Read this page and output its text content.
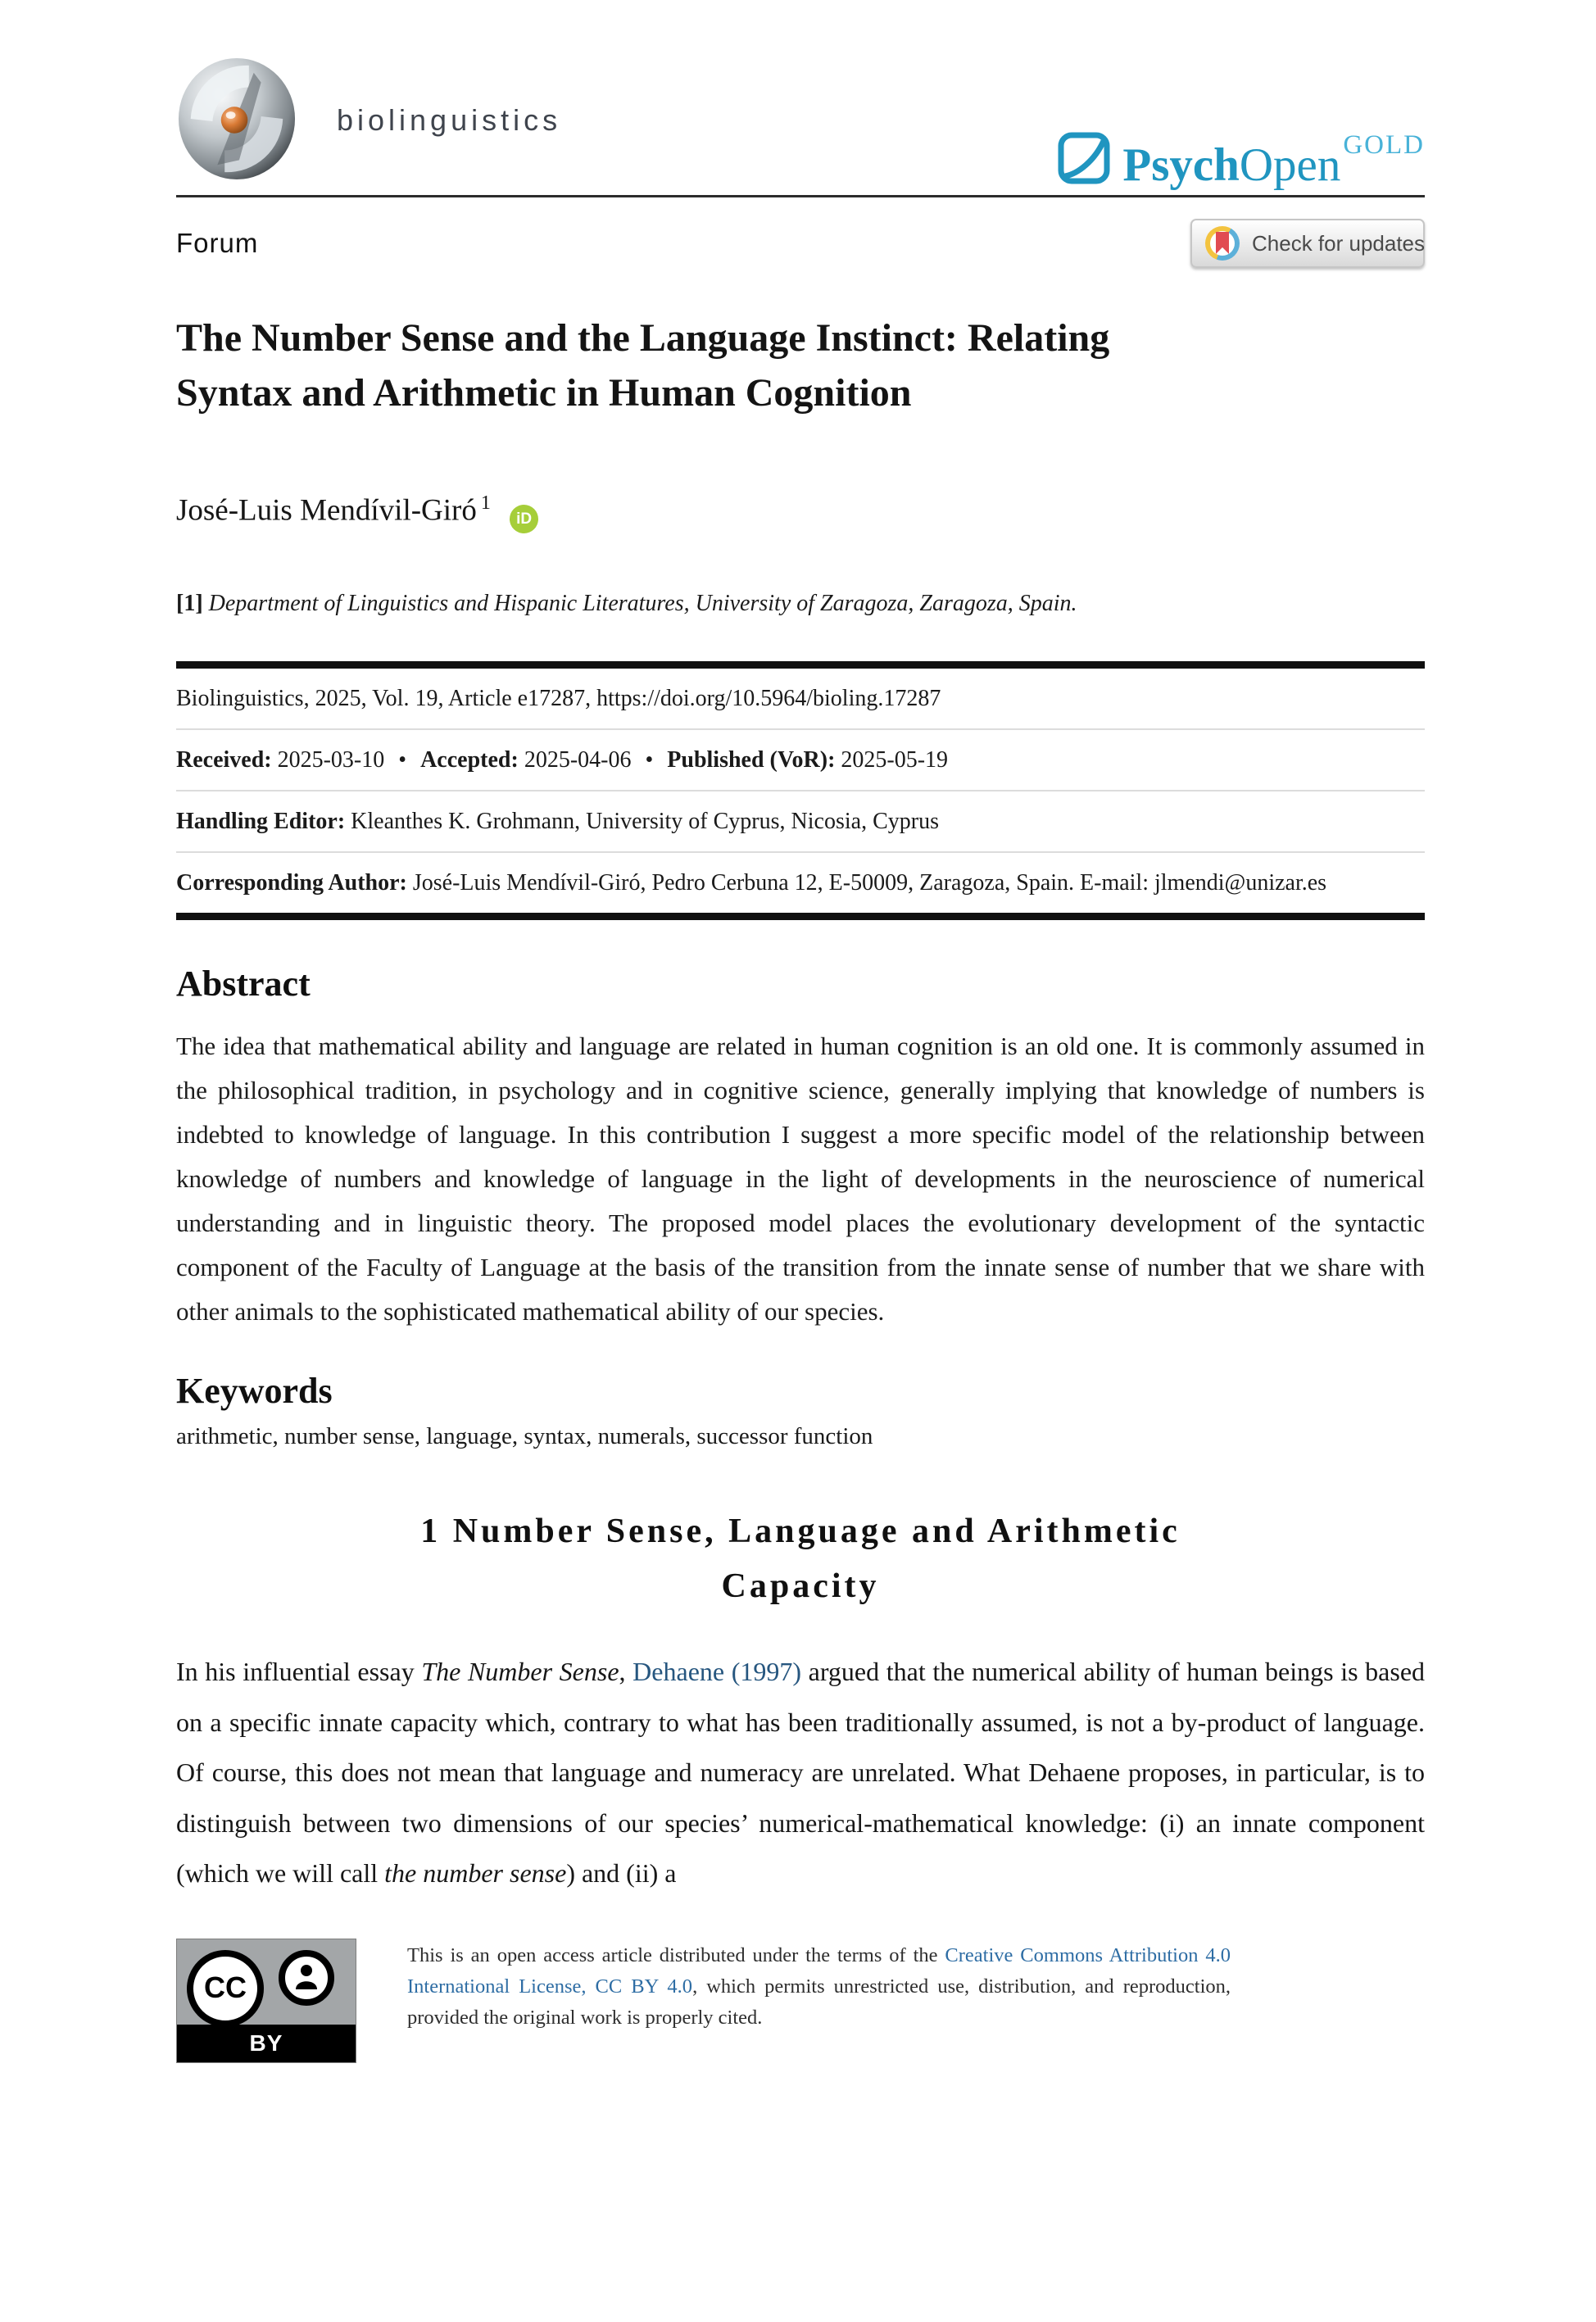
biolinguistics
PsychOpen GOLD
Forum	Check for updates
The Number Sense and the Language Instinct: Relating
Syntax and Arithmetic in Human Cognition
José-Luis Mendívil-Giró $^1$ iD
[1] Department of Linguistics and Hispanic Literatures, University of Zaragoza, Zaragoza, Spain.
Biolinguistics, 2025, Vol. 19, Article e17287, https://doi.org/10.5964/bioling.17287
Received: 2025-03-10 • Accepted: 2025-04-06 • Published (VoR): 2025-05-19
Handling Editor: Kleanthes K. Grohmann, University of Cyprus, Nicosia, Cyprus
Corresponding Author: José-Luis Mendívil-Giró, Pedro Cerbuna 12, E-50009, Zaragoza, Spain. E-mail: jlmendi@unizar.es
Abstract
The idea that mathematical ability and language are related in human cognition is an old one. It is commonly assumed in the philosophical tradition, in psychology and in cognitive science, generally implying that knowledge of numbers is indebted to knowledge of language. In this contribution I suggest a more specific model of the relationship between knowledge of numbers and knowledge of language in the light of developments in the neuroscience of numerical understanding and in linguistic theory. The proposed model places the evolutionary development of the syntactic component of the Faculty of Language at the basis of the transition from the innate sense of number that we share with other animals to the sophisticated mathematical ability of our species.
Keywords
arithmetic, number sense, language, syntax, numerals, successor function
1 Number Sense, Language and Arithmetic
Capacity
In his influential essay The Number Sense, Dehaene (1997) argued that the numerical ability of human beings is based on a specific innate capacity which, contrary to what has been traditionally assumed, is not a by-product of language. Of course, this does not mean that language and numeracy are unrelated. What Dehaene proposes, in particular, is to distinguish between two dimensions of our species’ numerical-mathematical knowledge: (i) an innate component (which we will call the number sense) and (ii) a
CC
BY
This is an open access article distributed under the terms of the Creative Commons Attribution 4.0 International License, CC BY 4.0, which permits unrestricted use, distribution, and reproduction, provided the original work is properly cited.
